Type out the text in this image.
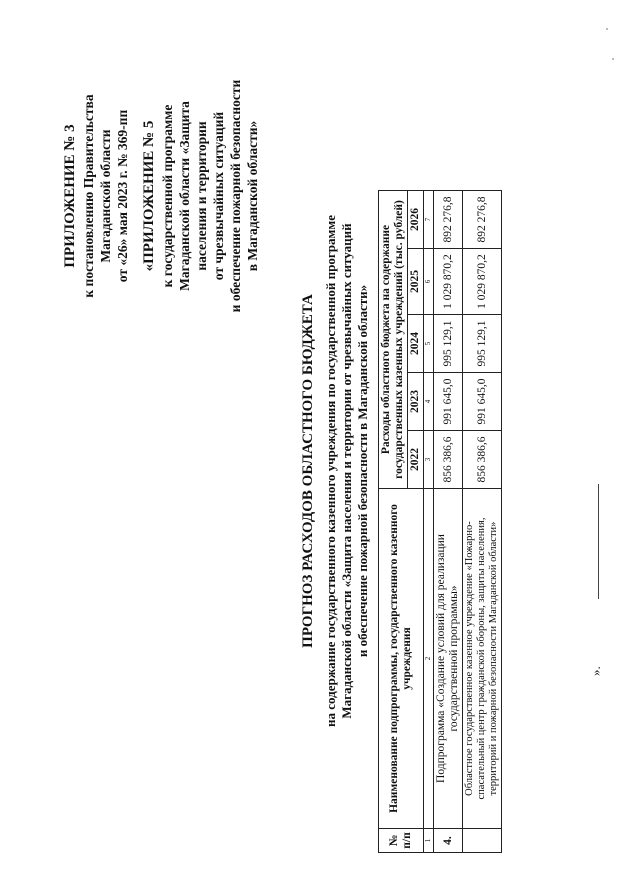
ПРИЛОЖЕНИЕ № 3 к постановлению Правительства Магаданской области от «26» мая 2023 г. № 369-пп «ПРИЛОЖЕНИЕ № 5 к государственной программе Магаданской области «Защита населения и территории от чрезвычайных ситуаций и обеспечение пожарной безопасности в Магаданской области»
ПРОГНОЗ РАСХОДОВ ОБЛАСТНОГО БЮДЖЕТА на содержание государственного казенного учреждения по государственной программе Магаданской области «Защита населения и территории от чрезвычайных ситуаций и обеспечение пожарной безопасности в Магаданской области»
№ п/п	Наименование подпрограммы, государственного казенного учреждения	Расходы областного бюджета на содержание государственных казенных учреждений (тыс. рублей)				
		2022	2023	2024	2025	2026
1	2	3	4	5	6	7
4.	Подпрограмма «Создание условий для реализации государственной программы»	856 386,6	991 645,0	995 129,1	1 029 870,2	892 276,8
	Областное государственное казенное учреждение «Пожарно-спасательный центр гражданской обороны, защиты населения, территорий и пожарной безопасности Магаданской области»	856 386,6	991 645,0	995 129,1	1 029 870,2	892 276,8
».
